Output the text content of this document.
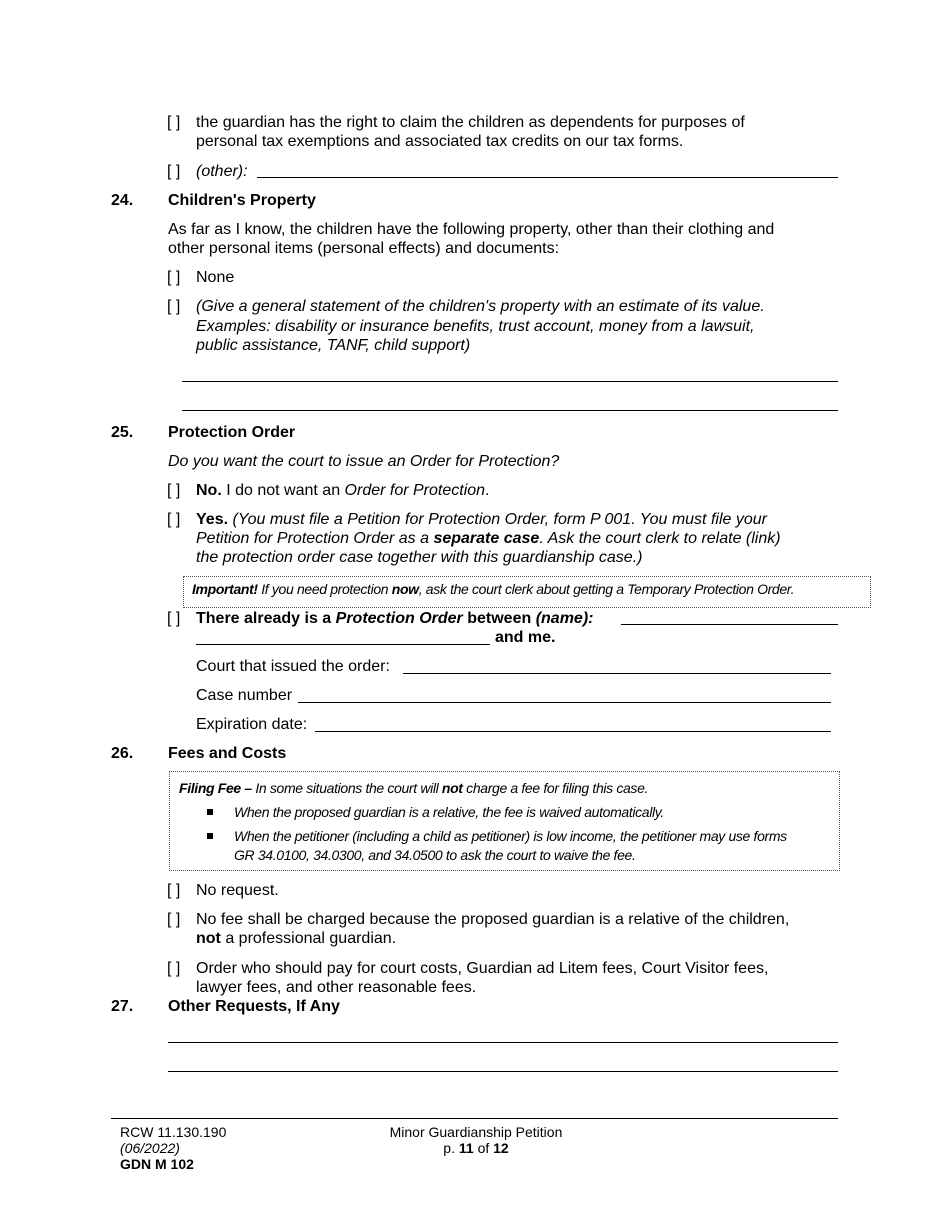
[ ] the guardian has the right to claim the children as dependents for purposes of
personal tax exemptions and associated tax credits on our tax forms.
[ ] (other):
24. Children's Property
As far as I know, the children have the following property, other than their clothing and
other personal items (personal effects) and documents:
[ ] None
[ ] (Give a general statement of the children's property with an estimate of its value.
Examples: disability or insurance benefits, trust account, money from a lawsuit,
public assistance, TANF, child support)
25. Protection Order
Do you want the court to issue an Order for Protection?
[ ] No. I do not want an Order for Protection.
[ ] Yes. (You must file a Petition for Protection Order, form P 001. You must file your
Petition for Protection Order as a separate case. Ask the court clerk to relate (link)
the protection order case together with this guardianship case.)
Important! If you need protection now, ask the court clerk about getting a Temporary Protection Order.
[ ] There already is a Protection Order between (name):
and me.
Court that issued the order:
Case number
Expiration date:
26. Fees and Costs
Filing Fee – In some situations the court will not charge a fee for filing this case.
When the proposed guardian is a relative, the fee is waived automatically.
When the petitioner (including a child as petitioner) is low income, the petitioner may use forms
GR 34.0100, 34.0300, and 34.0500 to ask the court to waive the fee.
[ ] No request.
[ ] No fee shall be charged because the proposed guardian is a relative of the children,
not a professional guardian.
[ ] Order who should pay for court costs, Guardian ad Litem fees, Court Visitor fees,
lawyer fees, and other reasonable fees.
27. Other Requests, If Any
RCW 11.130.190
(06/2022)
GDN M 102
Minor Guardianship Petition
p. 11 of 12
